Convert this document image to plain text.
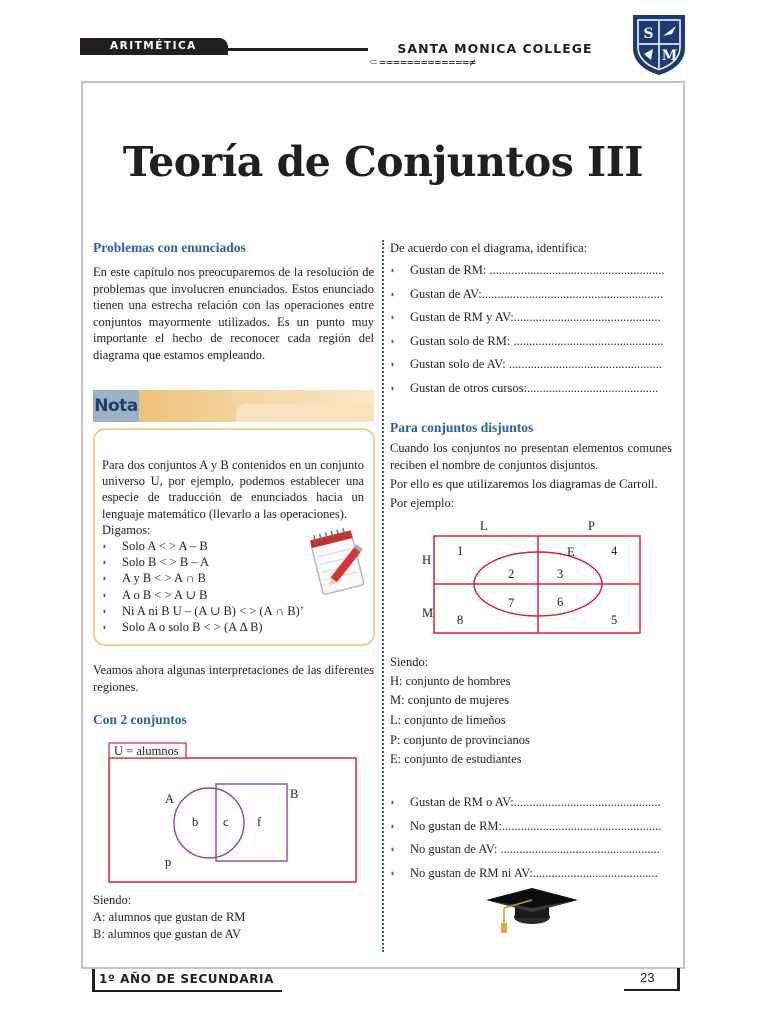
ARITMÉTICA	SANTA MONICA COLLEGE
⸦=============≠
S
M
Teoría de Conjuntos III
Problemas con enunciados
En este capítulo nos preocuparemos de la resolución de problemas que involucren enunciados. Estos enunciado tienen una estrecha relación con las operaciones entre conjuntos mayormente utilizados. Es un punto muy importante el hecho de reconocer cada región del diagrama que estamos empleando.
Nota
Para dos conjuntos A y B contenidos en un conjunto universo U, por ejemplo, podemos establecer una especie de traducción de enunciados hacia un lenguaje matemático (llevarlo a las operaciones).
Digamos:
◗ Solo A < > A – B
◗ Solo B < > B – A
◗ A y B < > A ∩ B
◗ A o B < > A ∪ B
◗ Ni A ni B U – (A ∪ B) < > (A ∩ B)’
◗ Solo A o solo B < > (A Δ B)
Veamos ahora algunas interpretaciones de las diferentes regiones.
Con 2 conjuntos
U = alumnos
A	B
b c f
p
Siendo:
A: alumnos que gustan de RM
B: alumnos que gustan de AV
De acuerdo con el diagrama, identifica:
◗ Gustan de RM: ........................................................
◗ Gustan de AV:..........................................................
◗ Gustan de RM y AV:...............................................
◗ Gustan solo de RM: ................................................
◗ Gustan solo de AV: .................................................
◗ Gustan de otros cursos:..........................................
Para conjuntos disjuntos
Cuando los conjuntos no presentan elementos comunes reciben el nombre de conjuntos disjuntos.
Por ello es que utilizaremos los diagramas de Carroll.
Por ejemplo:
L	P
H
M
E
1
2	3
4
5
6
7
8
Siendo:
H: conjunto de hombres
M: conjunto de mujeres
L: conjunto de limeños
P: conjunto de provincianos
E: conjunto de estudiantes
◗ Gustan de RM o AV:...............................................
◗ No gustan de RM:...................................................
◗ No gustan de AV: ...................................................
◗ No gustan de RM ni AV:........................................
1º AÑO DE SECUNDARIA	23
